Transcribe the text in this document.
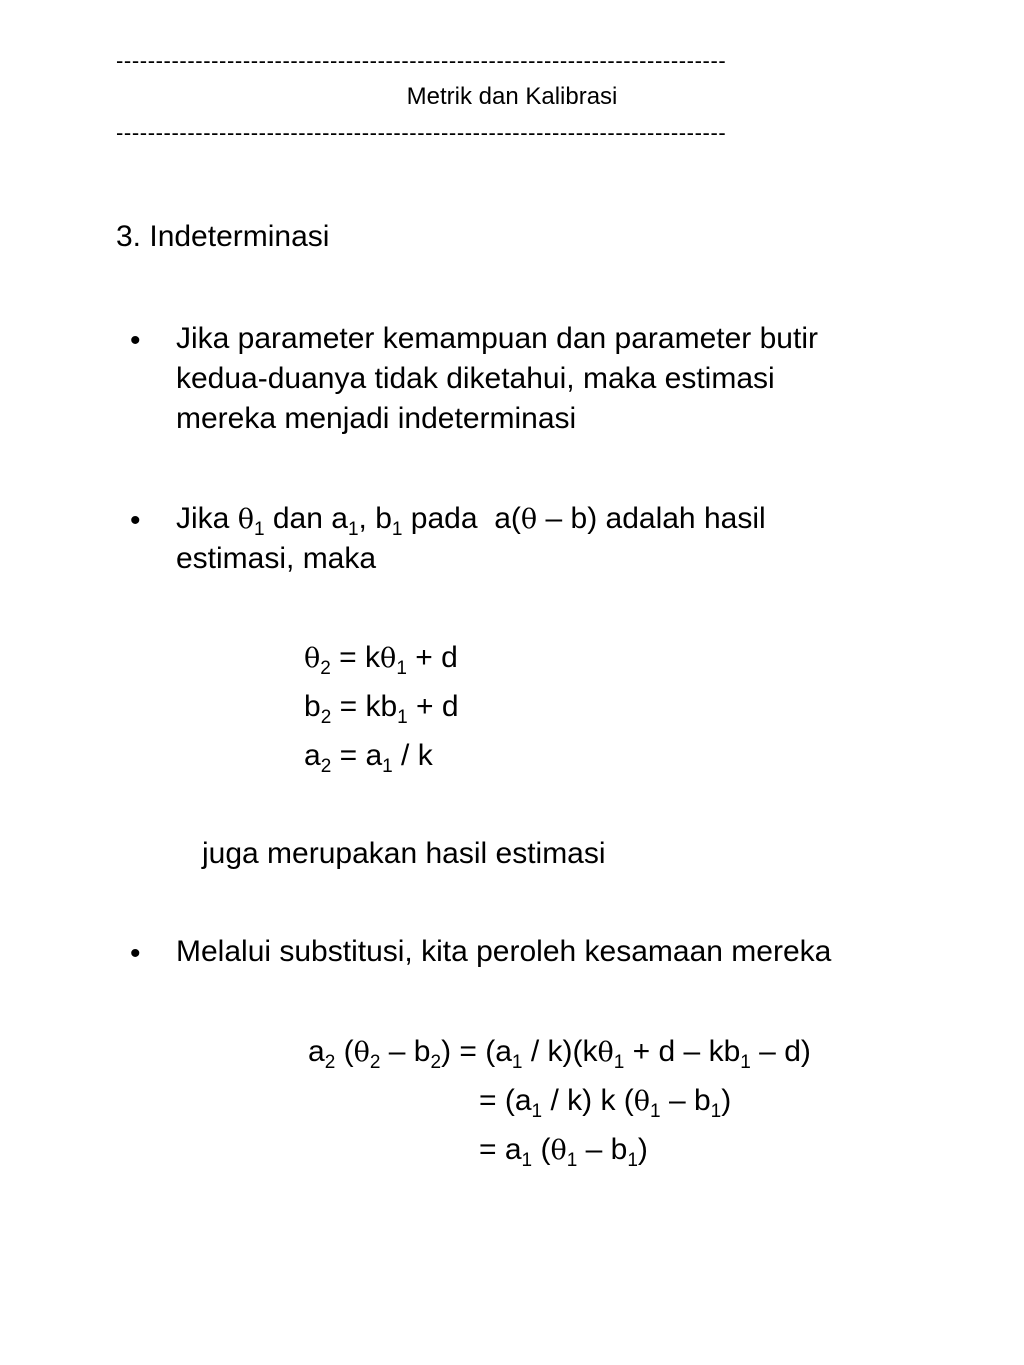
-----------------------------------------------------------------------------
Metrik dan Kalibrasi
-----------------------------------------------------------------------------
3. Indeterminasi
• Jika parameter kemampuan dan parameter butir
kedua-duanya tidak diketahui, maka estimasi
mereka menjadi indeterminasi
• Jika $\theta_1$ dan $a_1$, $b_1$ pada  a(θ – b) adalah hasil
estimasi, maka
$\theta_2 = k\theta_1 + d$
$b_2 = kb_1 + d$
$a_2 = a_1 / k$
juga merupakan hasil estimasi
• Melalui substitusi, kita peroleh kesamaan mereka
$a_2$ $(\theta_2 - b_2) = (a_1 / k)(k\theta_1 + d - kb_1 - d)$
= $(a_1 / k)$ k $(\theta_1 - b_1)$
= $a_1$ $(\theta_1 - b_1)$
